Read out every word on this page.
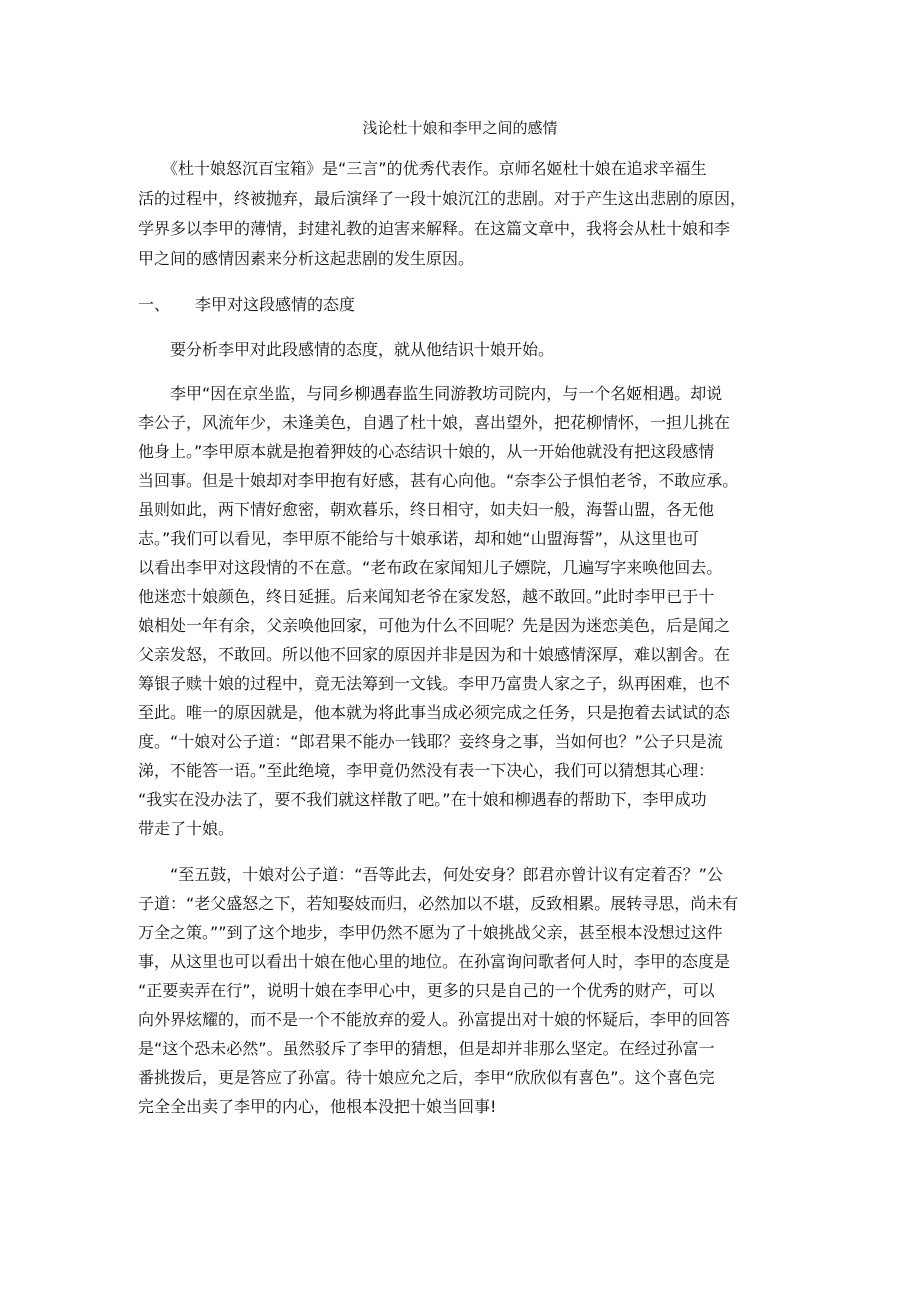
浅论杜十娘和李甲之间的感情
　　《杜十娘怒沉百宝箱》是“三言”的优秀代表作。京师名姬杜十娘在追求辛福生
活的过程中，终被抛弃，最后演绎了一段十娘沉江的悲剧。对于产生这出悲剧的原因，
学界多以李甲的薄情，封建礼教的迫害来解释。在这篇文章中，我将会从杜十娘和李
甲之间的感情因素来分析这起悲剧的发生原因。
一、 李甲对这段感情的态度
　　要分析李甲对此段感情的态度，就从他结识十娘开始。
　　李甲“因在京坐监，与同乡柳遇春监生同游教坊司院内，与一个名姬相遇。却说
李公子，风流年少，未逢美色，自遇了杜十娘，喜出望外，把花柳情怀，一担儿挑在
他身上。”李甲原本就是抱着狎妓的心态结识十娘的，从一开始他就没有把这段感情
当回事。但是十娘却对李甲抱有好感，甚有心向他。“奈李公子惧怕老爷，不敢应承。
虽则如此，两下情好愈密，朝欢暮乐，终日相守，如夫妇一般，海誓山盟，各无他
志。”我们可以看见，李甲原不能给与十娘承诺，却和她“山盟海誓”，从这里也可
以看出李甲对这段情的不在意。“老布政在家闻知儿子嫖院，几遍写字来唤他回去。
他迷恋十娘颜色，终日延捱。后来闻知老爷在家发怒，越不敢回。”此时李甲已于十
娘相处一年有余，父亲唤他回家，可他为什么不回呢？先是因为迷恋美色，后是闻之
父亲发怒，不敢回。所以他不回家的原因并非是因为和十娘感情深厚，难以割舍。在
筹银子赎十娘的过程中，竟无法筹到一文钱。李甲乃富贵人家之子，纵再困难，也不
至此。唯一的原因就是，他本就为将此事当成必须完成之任务，只是抱着去试试的态
度。“十娘对公子道：“郎君果不能办一钱耶？妾终身之事，当如何也？”公子只是流
涕，不能答一语。”至此绝境，李甲竟仍然没有表一下决心，我们可以猜想其心理：
“我实在没办法了，要不我们就这样散了吧。”在十娘和柳遇春的帮助下，李甲成功
带走了十娘。
　　“至五鼓，十娘对公子道：“吾等此去，何处安身？郎君亦曾计议有定着否？”公
子道：“老父盛怒之下，若知娶妓而归，必然加以不堪，反致相累。展转寻思，尚未有
万全之策。””到了这个地步，李甲仍然不愿为了十娘挑战父亲，甚至根本没想过这件
事，从这里也可以看出十娘在他心里的地位。在孙富询问歌者何人时，李甲的态度是
“正要卖弄在行”，说明十娘在李甲心中，更多的只是自己的一个优秀的财产，可以
向外界炫耀的，而不是一个不能放弃的爱人。孙富提出对十娘的怀疑后，李甲的回答
是“这个恐未必然”。虽然驳斥了李甲的猜想，但是却并非那么坚定。在经过孙富一
番挑拨后，更是答应了孙富。待十娘应允之后，李甲“欣欣似有喜色”。这个喜色完
完全全出卖了李甲的内心，他根本没把十娘当回事!
